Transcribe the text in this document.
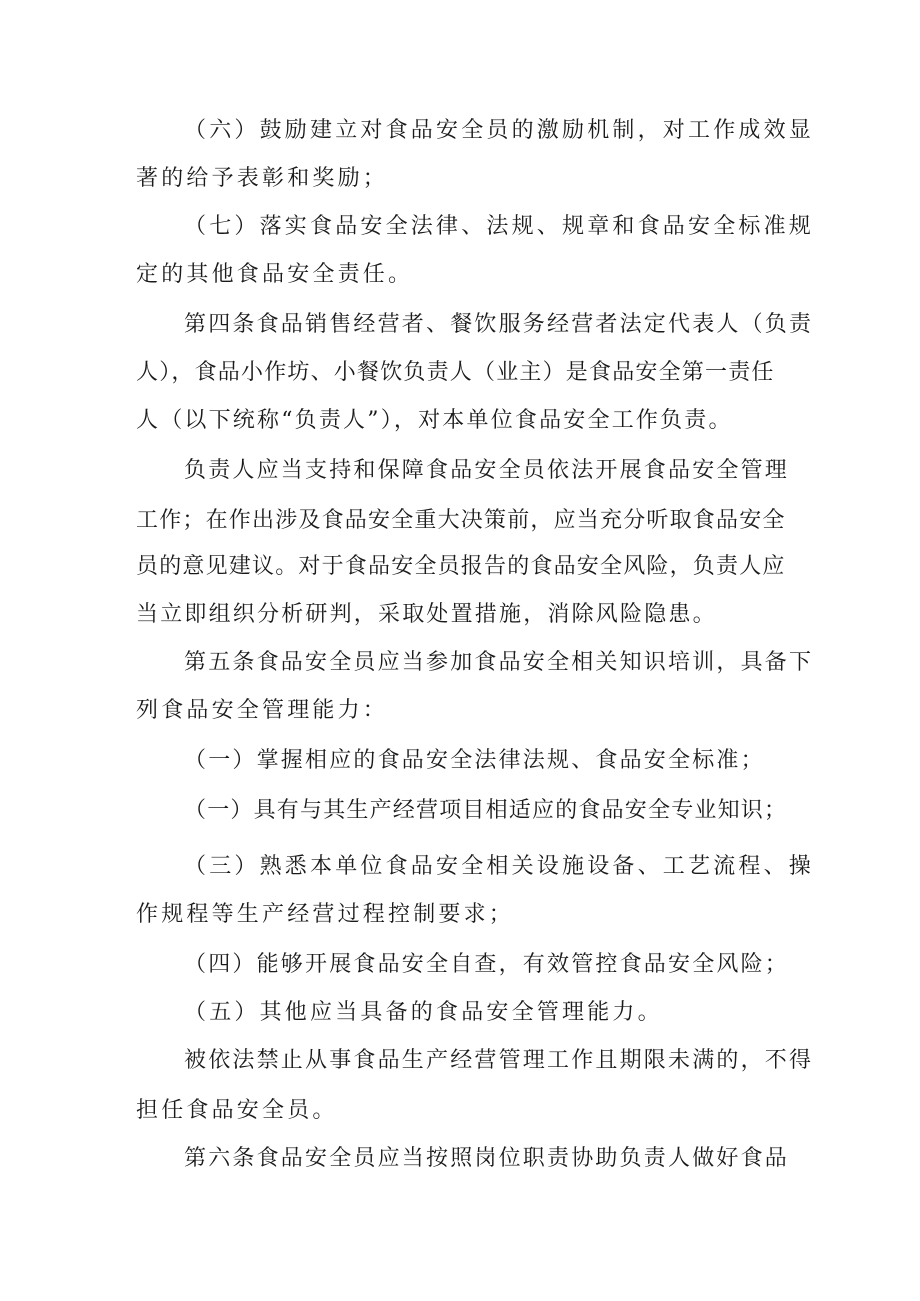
（六）鼓励建立对食品安全员的激励机制，对工作成效显
著的给予表彰和奖励；
（七）落实食品安全法律、法规、规章和食品安全标准规
定的其他食品安全责任。
第四条食品销售经营者、餐饮服务经营者法定代表人（负责
人），食品小作坊、小餐饮负责人（业主）是食品安全第一责任
人（以下统称“负责人”），对本单位食品安全工作负责。
负责人应当支持和保障食品安全员依法开展食品安全管理
工作；在作出涉及食品安全重大决策前，应当充分听取食品安全
员的意见建议。对于食品安全员报告的食品安全风险，负责人应
当立即组织分析研判，采取处置措施，消除风险隐患。
第五条食品安全员应当参加食品安全相关知识培训，具备下
列食品安全管理能力：
（一）掌握相应的食品安全法律法规、食品安全标准；
（一）具有与其生产经营项目相适应的食品安全专业知识；
（三）熟悉本单位食品安全相关设施设备、工艺流程、操
作规程等生产经营过程控制要求；
（四）能够开展食品安全自查，有效管控食品安全风险；
（五）其他应当具备的食品安全管理能力。
被依法禁止从事食品生产经营管理工作且期限未满的，不得
担任食品安全员。
第六条食品安全员应当按照岗位职责协助负责人做好食品
